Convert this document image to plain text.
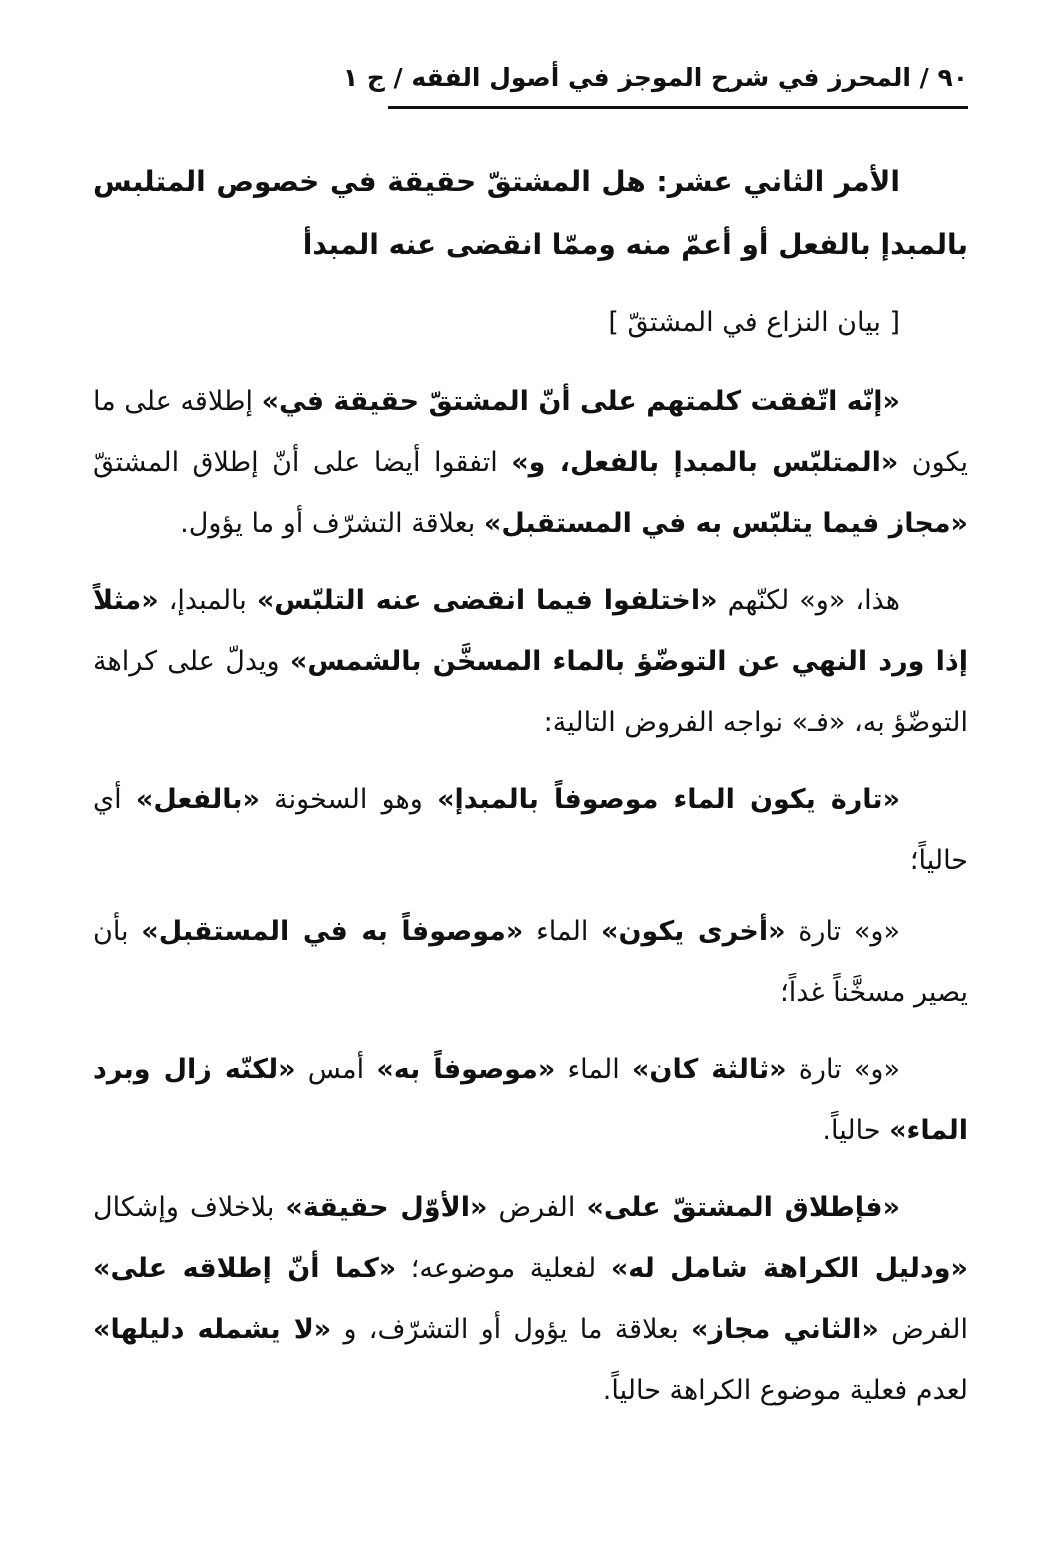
٩٠ / المحرز في شرح الموجز في أصول الفقه / ج ١

الأمر الثاني عشر: هل المشتقّ حقيقة في خصوص المتلبس بالمبدإ بالفعل أو أعمّ منه وممّا انقضى عنه المبدأ

[ بيان النزاع في المشتقّ ]

«إنّه اتّفقت كلمتهم على أنّ المشتقّ حقيقة في» إطلاقه على ما يكون «المتلبّس بالمبدإ بالفعل، و» اتفقوا أيضا على أنّ إطلاق المشتقّ «مجاز فيما يتلبّس به في المستقبل» بعلاقة التشرّف أو ما يؤول.

هذا، «و» لكنّهم «اختلفوا فيما انقضى عنه التلبّس» بالمبدإ، «مثلاً إذا ورد النهي عن التوضّؤ بالماء المسخَّن بالشمس» ويدلّ على كراهة التوضّؤ به، «فـ» نواجه الفروض التالية:

«تارة يكون الماء موصوفاً بالمبدإ» وهو السخونة «بالفعل» أي حالياً؛

«و» تارة «أخرى يكون» الماء «موصوفاً به في المستقبل» بأن يصير مسخَّناً غداً؛

«و» تارة «ثالثة كان» الماء «موصوفاً به» أمس «لكنّه زال وبرد الماء» حالياً.

«فإطلاق المشتقّ على» الفرض «الأوّل حقيقة» بلاخلاف وإشكال «ودليل الكراهة شامل له» لفعلية موضوعه؛ «كما أنّ إطلاقه على» الفرض «الثاني مجاز» بعلاقة ما يؤول أو التشرّف، و «لا يشمله دليلها» لعدم فعلية موضوع الكراهة حالياً.
